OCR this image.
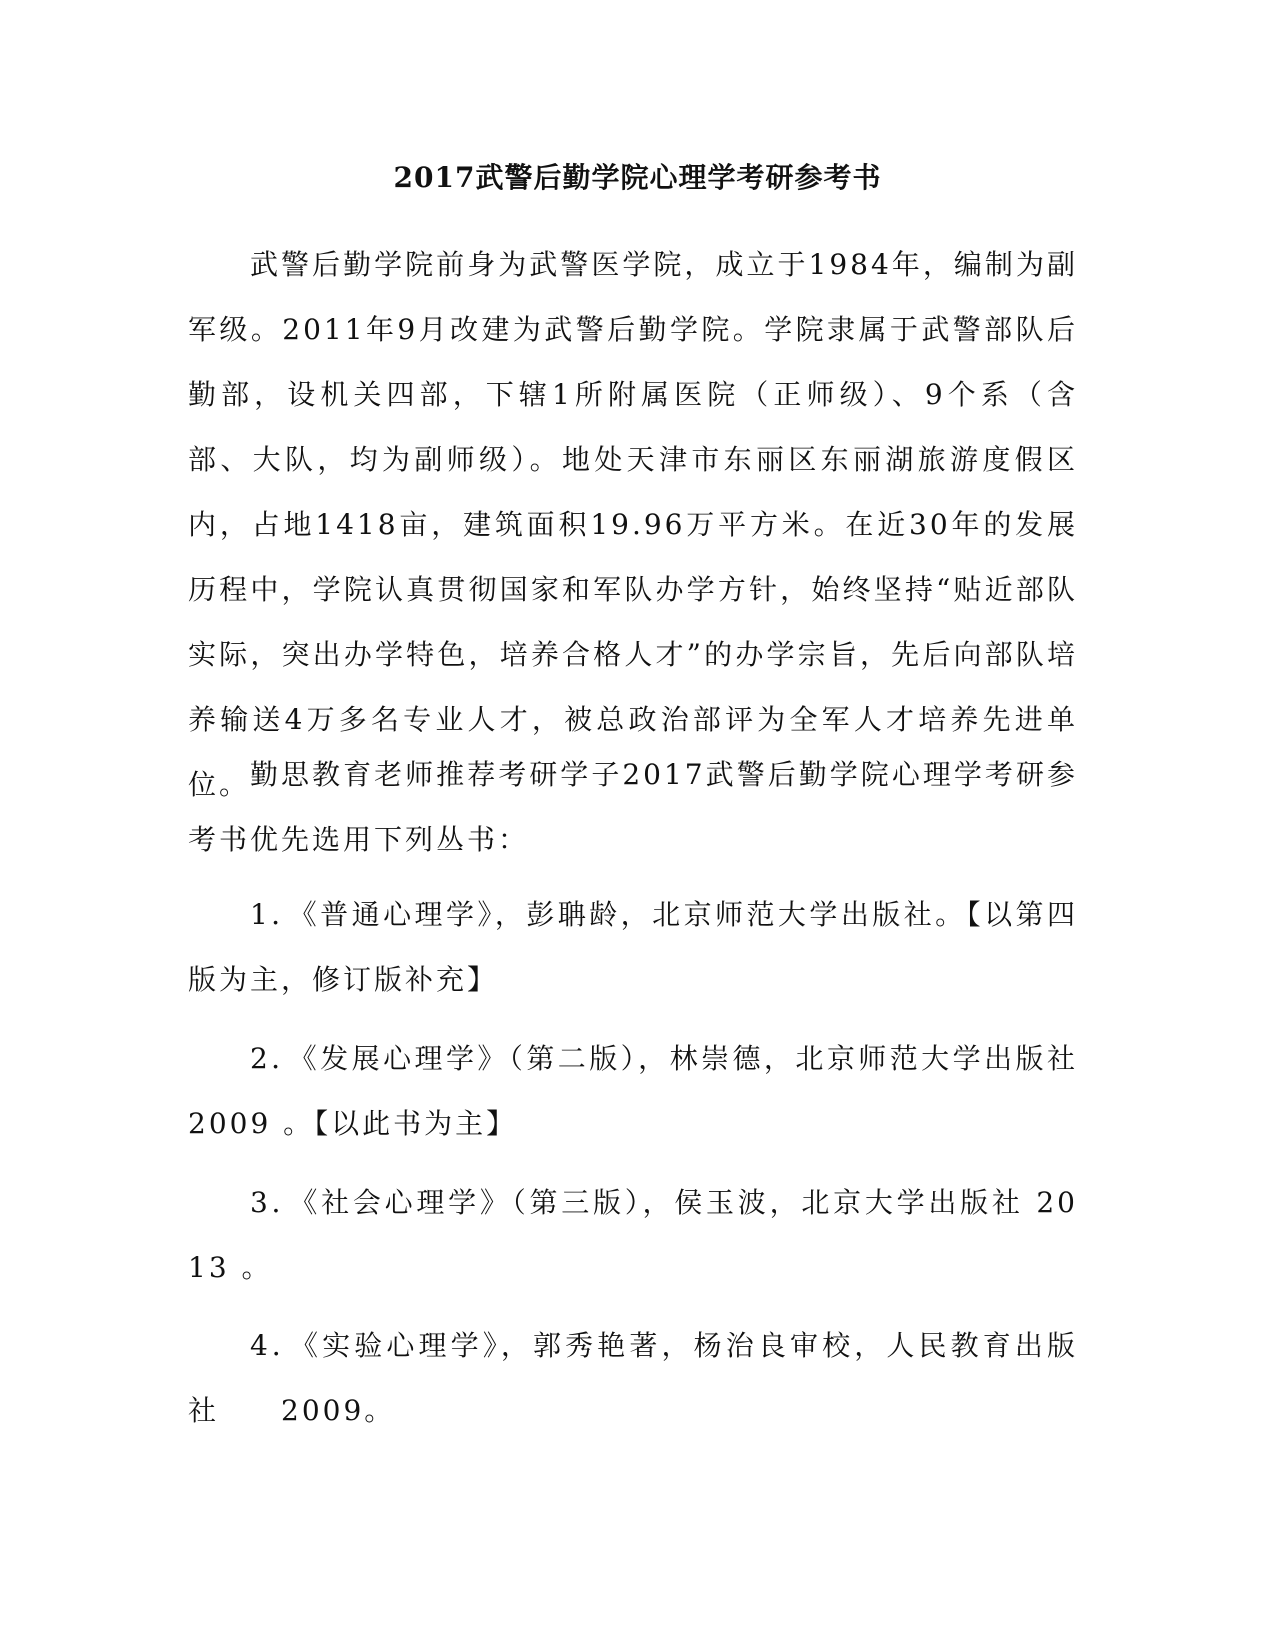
2017武警后勤学院心理学考研参考书

武警后勤学院前身为武警医学院，成立于1984年，编制为副军级。2011年9月改建为武警后勤学院。学院隶属于武警部队后勤部，设机关四部，下辖1所附属医院（正师级）、9个系（含部、大队，均为副师级）。地处天津市东丽区东丽湖旅游度假区内，占地1418亩，建筑面积19.96万平方米。在近30年的发展历程中，学院认真贯彻国家和军队办学方针，始终坚持“贴近部队实际，突出办学特色，培养合格人才”的办学宗旨，先后向部队培养输送4万多名专业人才，被总政治部评为全军人才培养先进单位。 勤思教育老师推荐考研学子2017武警后勤学院心理学考研参考书优先选用下列丛书：

1．《普通心理学》，彭聃龄，北京师范大学出版社。【以第四版为主，修订版补充】

2．《发展心理学》（第二版），林崇德，北京师范大学出版社 2009 。【以此书为主】

3．《社会心理学》（第三版），侯玉波，北京大学出版社 2013 。

4．《实验心理学》，郭秀艳著，杨治良审校，人民教育出版社　　2009。
